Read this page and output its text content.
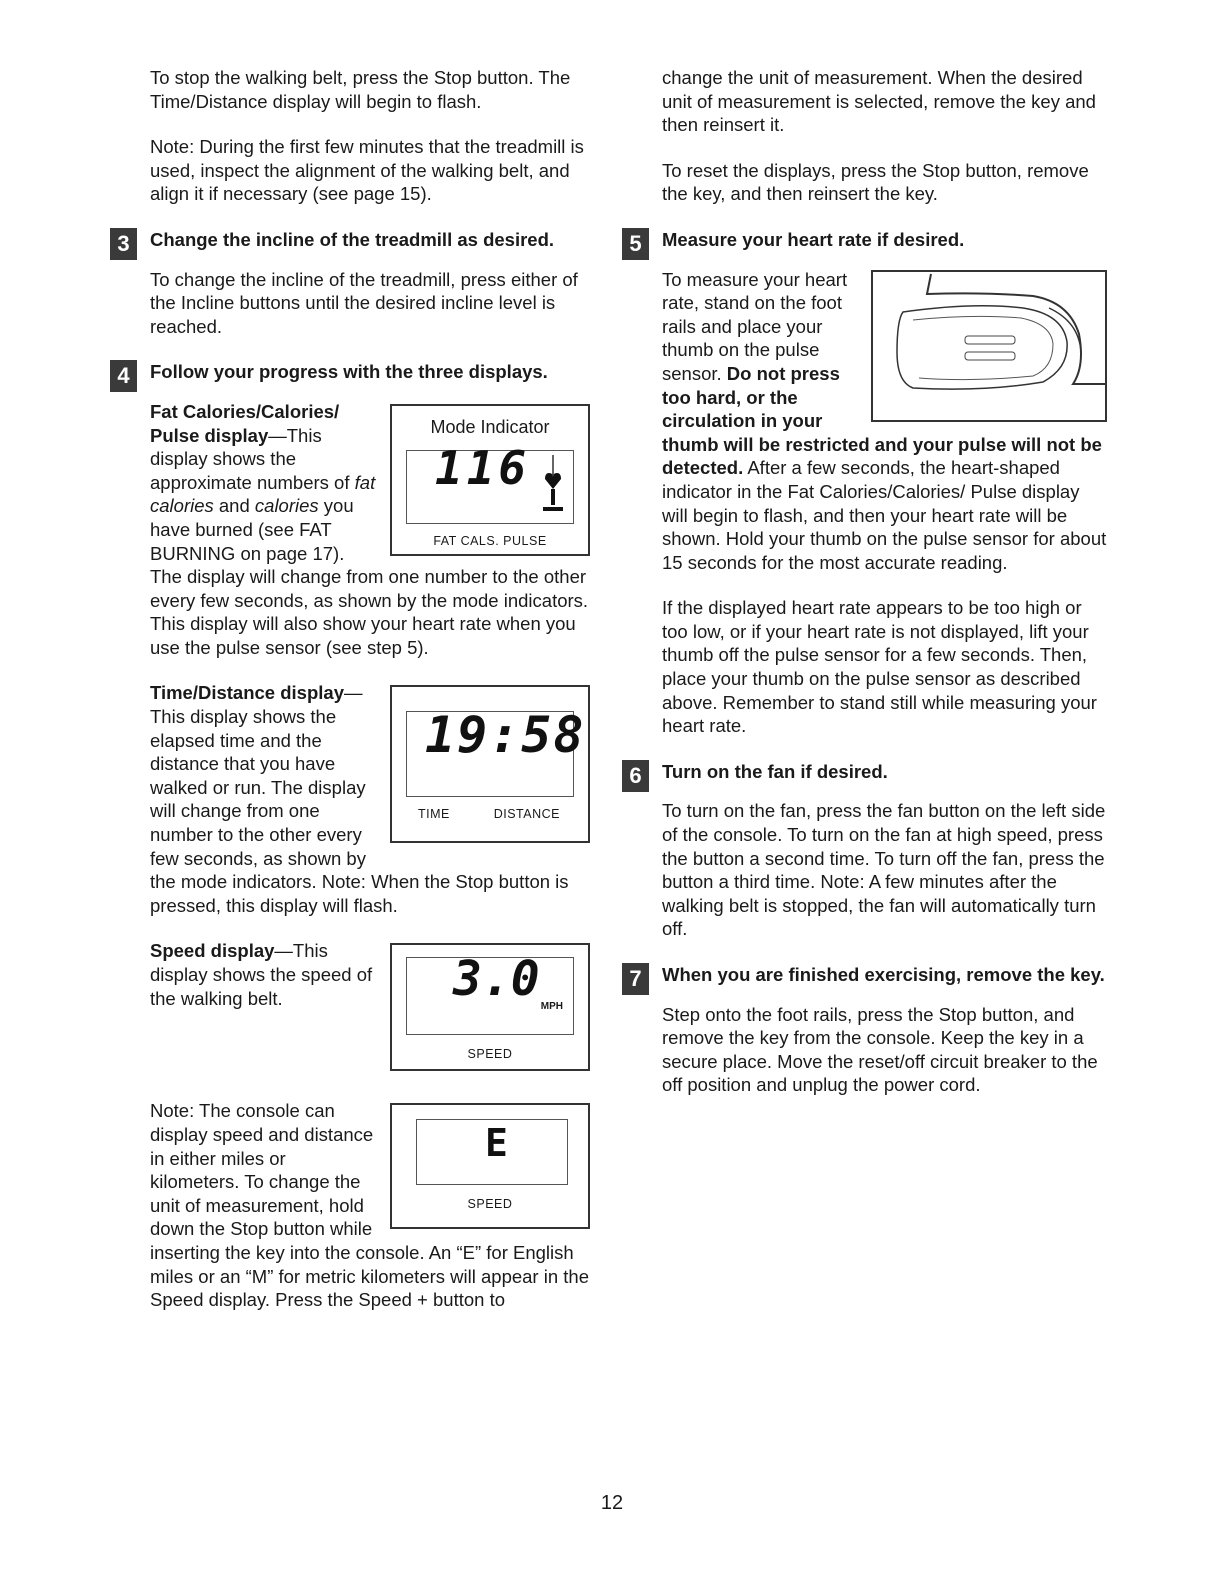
To stop the walking belt, press the Stop button. The Time/Distance display will begin to flash.

Note: During the first few minutes that the treadmill is used, inspect the alignment of the walking belt, and align it if necessary (see page 15).

3	Change the incline of the treadmill as desired.

To change the incline of the treadmill, press either of the Incline buttons until the desired incline level is reached.

4	Follow your progress with the three displays.
Mode Indicator
116
FAT CALS. PULSE
Fat Calories/Calories/ Pulse display—This display shows the approximate numbers of fat calories and calories you have burned (see FAT BURNING on page 17). The display will change from one number to the other every few seconds, as shown by the mode indicators. This display will also show your heart rate when you use the pulse sensor (see step 5).
19:58
TIME	DISTANCE
Time/Distance display—This display shows the elapsed time and the distance that you have walked or run. The display will change from one number to the other every few seconds, as shown by the mode indicators. Note: When the Stop button is pressed, this display will flash.
3.0 MPH
SPEED
Speed display—This display shows the speed of the walking belt.
E
SPEED
Note: The console can display speed and distance in either miles or kilometers. To change the unit of measurement, hold down the Stop button while inserting the key into the console. An “E” for English miles or an “M” for metric kilometers will appear in the Speed display. Press the Speed + button to

change the unit of measurement. When the desired unit of measurement is selected, remove the key and then reinsert it.

To reset the displays, press the Stop button, remove the key, and then reinsert the key.

5	Measure your heart rate if desired.
To measure your heart rate, stand on the foot rails and place your thumb on the pulse sensor. Do not press too hard, or the circulation in your thumb will be restricted and your pulse will not be detected. After a few seconds, the heart-shaped indicator in the Fat Calories/Calories/ Pulse display will begin to flash, and then your heart rate will be shown. Hold your thumb on the pulse sensor for about 15 seconds for the most accurate reading.

If the displayed heart rate appears to be too high or too low, or if your heart rate is not displayed, lift your thumb off the pulse sensor for a few seconds. Then, place your thumb on the pulse sensor as described above. Remember to stand still while measuring your heart rate.

6	Turn on the fan if desired.

To turn on the fan, press the fan button on the left side of the console. To turn on the fan at high speed, press the button a second time. To turn off the fan, press the button a third time. Note: A few minutes after the walking belt is stopped, the fan will automatically turn off.

7	When you are finished exercising, remove the key.

Step onto the foot rails, press the Stop button, and remove the key from the console. Keep the key in a secure place. Move the reset/off circuit breaker to the off position and unplug the power cord.

12
